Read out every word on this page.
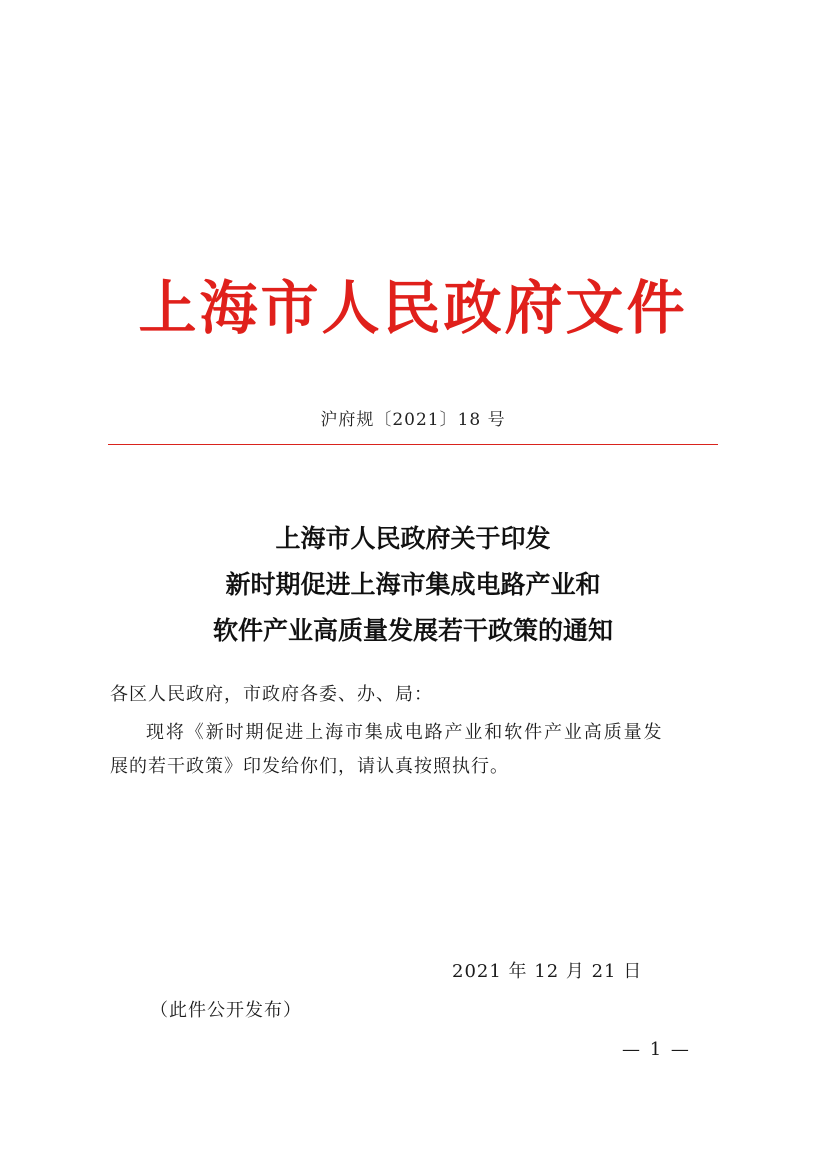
上海市人民政府文件
沪府规〔2021〕18 号
上海市人民政府关于印发
新时期促进上海市集成电路产业和
软件产业高质量发展若干政策的通知
各区人民政府，市政府各委、办、局：
现将《新时期促进上海市集成电路产业和软件产业高质量发
展的若干政策》印发给你们，请认真按照执行。
2021 年 12 月 21 日
（此件公开发布）
— 1 —
